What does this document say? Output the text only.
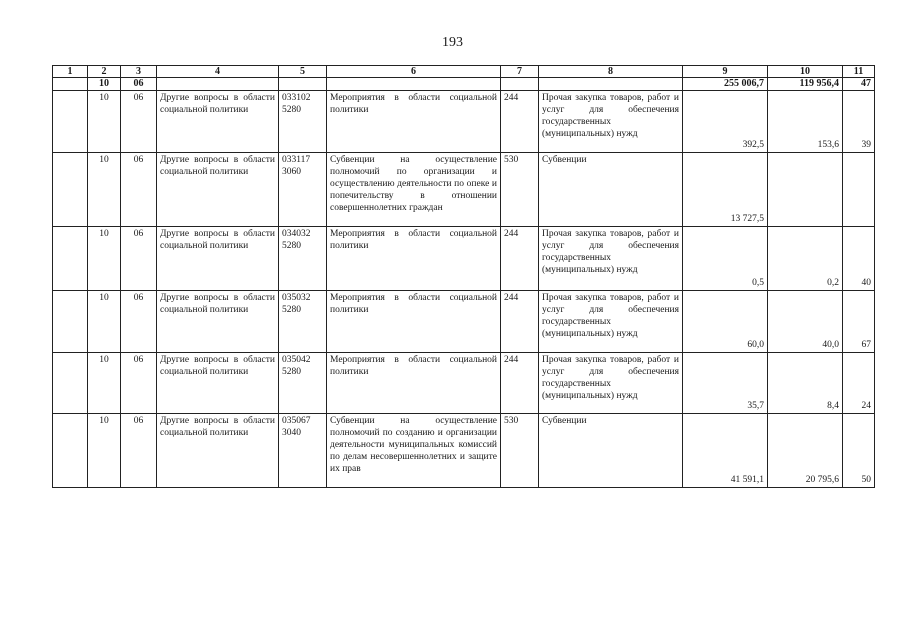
193
1	2	3	4	5	6	7	8	9	10	11
	10	06						255 006,7	119 956,4	47
	10	06	Другие вопросы в области социальной политики	033102 5280	Мероприятия в области социальной политики	244	Прочая закупка товаров, работ и услуг для обеспечения государственных (муниципальных) нужд	392,5	153,6	39
	10	06	Другие вопросы в области социальной политики	033117 3060	Субвенции на осуществление полномочий по организации и осуществлению деятельности по опеке и попечительству в отношении совершеннолетних граждан	530	Субвенции	13 727,5		
	10	06	Другие вопросы в области социальной политики	034032 5280	Мероприятия в области социальной политики	244	Прочая закупка товаров, работ и услуг для обеспечения государственных (муниципальных) нужд	0,5	0,2	40
	10	06	Другие вопросы в области социальной политики	035032 5280	Мероприятия в области социальной политики	244	Прочая закупка товаров, работ и услуг для обеспечения государственных (муниципальных) нужд	60,0	40,0	67
	10	06	Другие вопросы в области социальной политики	035042 5280	Мероприятия в области социальной политики	244	Прочая закупка товаров, работ и услуг для обеспечения государственных (муниципальных) нужд	35,7	8,4	24
	10	06	Другие вопросы в области социальной политики	035067 3040	Субвенции на осуществление полномочий по созданию и организации деятельности муниципальных комиссий по делам несовершеннолетних и защите их прав	530	Субвенции	41 591,1	20 795,6	50
